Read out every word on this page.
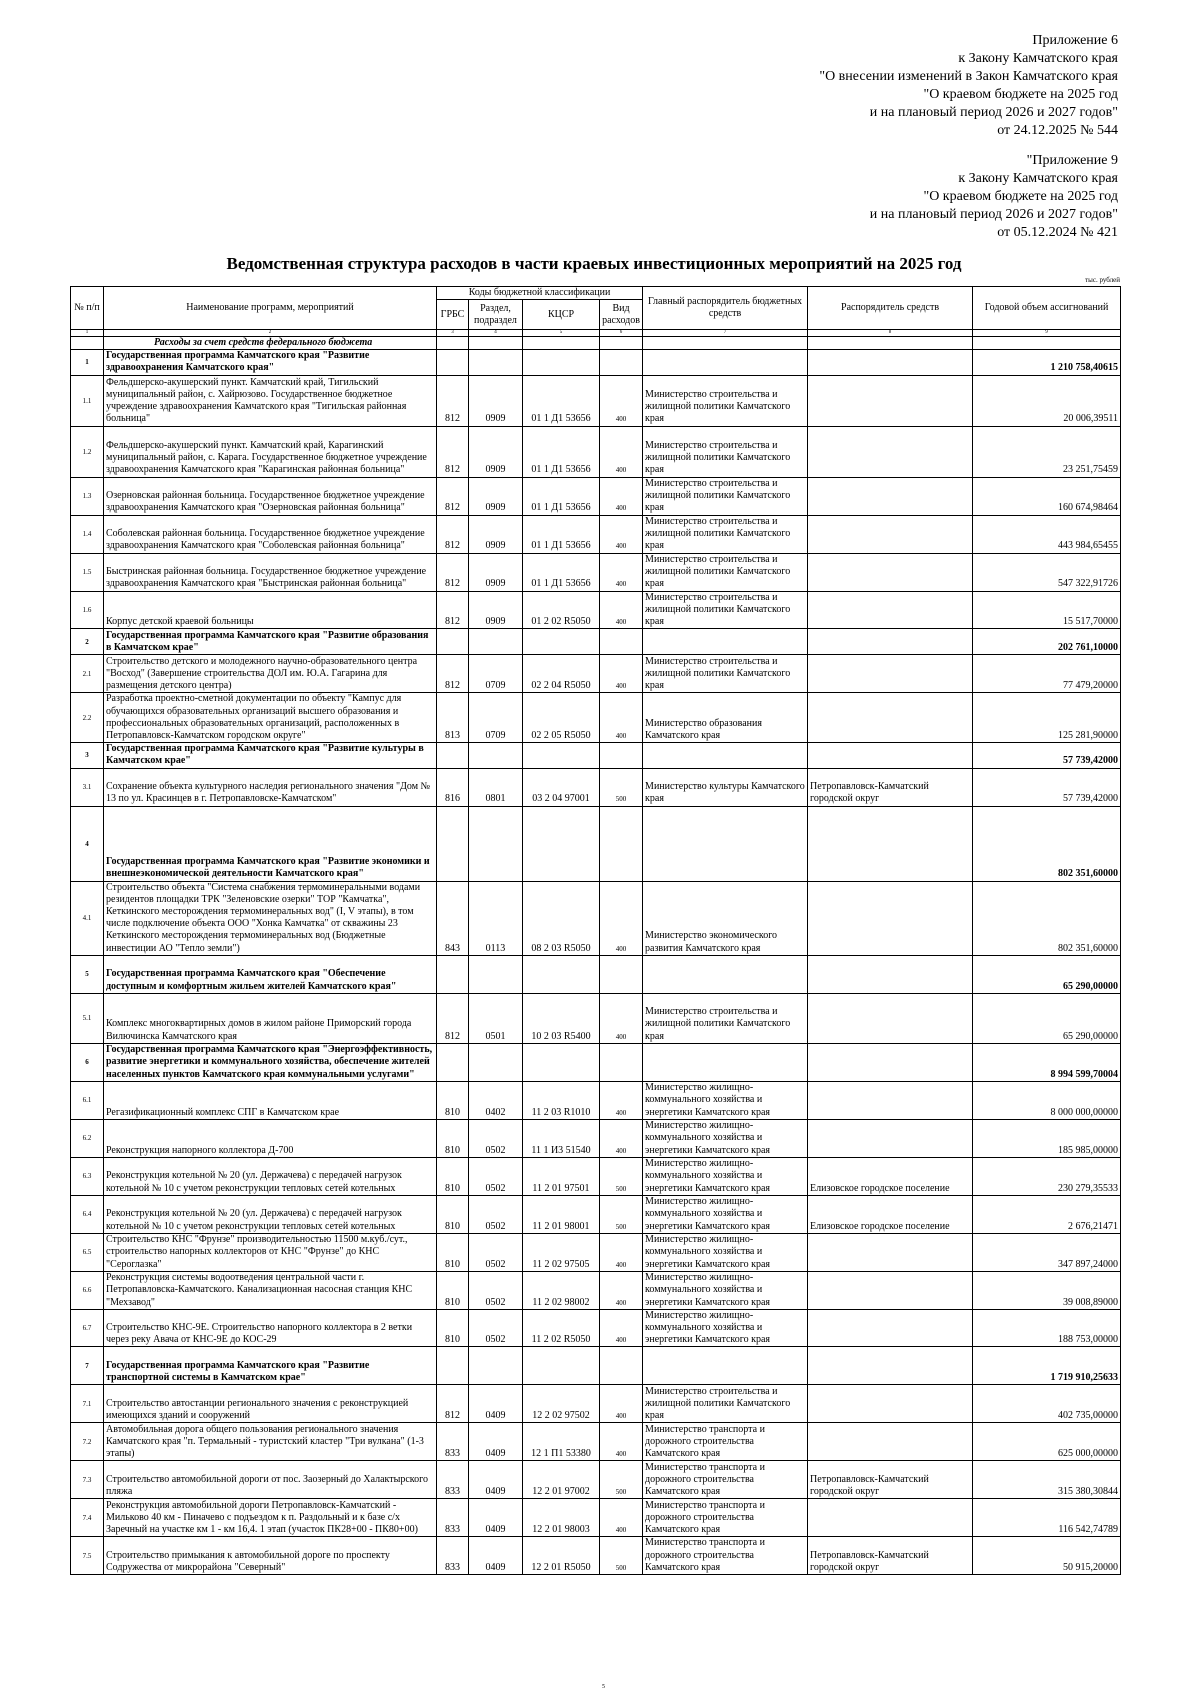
Приложение 6
к Закону Камчатского края
"О внесении изменений в Закон Камчатского края
"О краевом бюджете на 2025 год
и на плановый период 2026 и 2027 годов"
от 24.12.2025 № 544
"Приложение 9
к Закону Камчатского края
"О краевом бюджете на 2025 год
и на плановый период 2026 и 2027 годов"
от 05.12.2024 № 421
Ведомственная структура расходов в части краевых инвестиционных мероприятий на 2025 год
тыс. рублей
№ п/п	Наименование программ, мероприятий	Коды бюджетной классификации				Главный распорядитель бюджетных средств	Распорядитель средств	Годовой объем ассигнований
		ГРБС	Раздел, подраздел	КЦСР	Вид расходов			
1	2	3	4	5	6	7	8	9
	Расходы за счет средств федерального бюджета							
1	Государственная программа Камчатского края "Развитие здравоохранения Камчатского края"							1 210 758,40615
1.1	Фельдшерско-акушерский пункт. Камчатский край, Тигильский муниципальный район, с. Хайрюзово. Государственное бюджетное учреждение здравоохранения Камчатского края "Тигильская районная больница"	812	0909	01 1 Д1 53656	400	Министерство строительства и жилищной политики Камчатского края		20 006,39511
1.2	Фельдшерско-акушерский пункт. Камчатский край, Карагинский муниципальный район, с. Карага. Государственное бюджетное учреждение здравоохранения Камчатского края "Карагинская районная больница"	812	0909	01 1 Д1 53656	400	Министерство строительства и жилищной политики Камчатского края		23 251,75459
1.3	Озерновская районная больница. Государственное бюджетное учреждение здравоохранения Камчатского края "Озерновская районная больница"	812	0909	01 1 Д1 53656	400	Министерство строительства и жилищной политики Камчатского края		160 674,98464
1.4	Соболевская районная больница. Государственное бюджетное учреждение здравоохранения Камчатского края "Соболевская районная больница"	812	0909	01 1 Д1 53656	400	Министерство строительства и жилищной политики Камчатского края		443 984,65455
1.5	Быстринская районная больница. Государственное бюджетное учреждение здравоохранения Камчатского края "Быстринская районная больница"	812	0909	01 1 Д1 53656	400	Министерство строительства и жилищной политики Камчатского края		547 322,91726
1.6	Корпус детской краевой больницы	812	0909	01 2 02 R5050	400	Министерство строительства и жилищной политики Камчатского края		15 517,70000
2	Государственная программа Камчатского края "Развитие образования в Камчатском крае"							202 761,10000
2.1	Строительство детского и молодежного научно-образовательного центра "Восход" (Завершение строительства ДОЛ им. Ю.А. Гагарина для размещения детского центра)	812	0709	02 2 04 R5050	400	Министерство строительства и жилищной политики Камчатского края		77 479,20000
2.2	Разработка проектно-сметной документации по объекту "Кампус для обучающихся образовательных организаций высшего образования и профессиональных образовательных организаций, расположенных в Петропавловск-Камчатском городском округе"	813	0709	02 2 05 R5050	400	Министерство образования Камчатского края		125 281,90000
3	Государственная программа Камчатского края "Развитие культуры в Камчатском крае"							57 739,42000
3.1	Сохранение объекта культурного наследия регионального значения "Дом № 13 по ул. Красинцев в г. Петропавловске-Камчатском"	816	0801	03 2 04 97001	500	Министерство культуры Камчатского края	Петропавловск-Камчатский городской округ	57 739,42000
4	Государственная программа Камчатского края "Развитие экономики и внешнеэкономической деятельности Камчатского края"							802 351,60000
4.1	Строительство объекта "Система снабжения термоминеральными водами резидентов площадки ТРК "Зеленовские озерки" ТОР "Камчатка", Кеткинского месторождения термоминеральных вод" (I, V этапы), в том числе подключение объекта ООО "Хонка Камчатка" от скважины 23 Кеткинского месторождения термоминеральных вод (Бюджетные инвестиции АО "Тепло земли")	843	0113	08 2 03 R5050	400	Министерство экономического развития Камчатского края		802 351,60000
5	Государственная программа Камчатского края "Обеспечение доступным и комфортным жильем жителей Камчатского края"							65 290,00000
5.1	Комплекс многоквартирных домов в жилом районе Приморский города Вилючинска Камчатского края	812	0501	10 2 03 R5400	400	Министерство строительства и жилищной политики Камчатского края		65 290,00000
6	Государственная программа Камчатского края "Энергоэффективность, развитие энергетики и коммунального хозяйства, обеспечение жителей населенных пунктов Камчатского края коммунальными услугами"							8 994 599,70004
6.1	Регазификационный комплекс СПГ в Камчатском крае	810	0402	11 2 03 R1010	400	Министерство жилищно-коммунального хозяйства и энергетики Камчатского края		8 000 000,00000
6.2	Реконструкция напорного коллектора Д-700	810	0502	11 1 И3 51540	400	Министерство жилищно-коммунального хозяйства и энергетики Камчатского края		185 985,00000
6.3	Реконструкция котельной № 20 (ул. Держачева) с передачей нагрузок котельной № 10 с учетом реконструкции тепловых сетей котельных	810	0502	11 2 01 97501	500	Министерство жилищно-коммунального хозяйства и энергетики Камчатского края	Елизовское городское поселение	230 279,35533
6.4	Реконструкция котельной № 20 (ул. Держачева) с передачей нагрузок котельной № 10 с учетом реконструкции тепловых сетей котельных	810	0502	11 2 01 98001	500	Министерство жилищно-коммунального хозяйства и энергетики Камчатского края	Елизовское городское поселение	2 676,21471
6.5	Строительство КНС "Фрунзе" производительностью 11500 м.куб./сут., строительство напорных коллекторов от КНС "Фрунзе" до КНС "Сероглазка"	810	0502	11 2 02 97505	400	Министерство жилищно-коммунального хозяйства и энергетики Камчатского края		347 897,24000
6.6	Реконструкция системы водоотведения центральной части г. Петропавловска-Камчатского. Канализационная насосная станция КНС "Мехзавод"	810	0502	11 2 02 98002	400	Министерство жилищно-коммунального хозяйства и энергетики Камчатского края		39 008,89000
6.7	Строительство КНС-9Е. Строительство напорного коллектора в 2 ветки через реку Авача от КНС-9Е до КОС-29	810	0502	11 2 02 R5050	400	Министерство жилищно-коммунального хозяйства и энергетики Камчатского края		188 753,00000
7	Государственная программа Камчатского края "Развитие транспортной системы в Камчатском крае"							1 719 910,25633
7.1	Строительство автостанции регионального значения с реконструкцией имеющихся зданий и сооружений	812	0409	12 2 02 97502	400	Министерство строительства и жилищной политики Камчатского края		402 735,00000
7.2	Автомобильная дорога общего пользования регионального значения Камчатского края "п. Термальный - туристский кластер "Три вулкана" (1-3 этапы)	833	0409	12 1 П1 53380	400	Министерство транспорта и дорожного строительства Камчатского края		625 000,00000
7.3	Строительство автомобильной дороги от пос. Заозерный до Халактырского пляжа	833	0409	12 2 01 97002	500	Министерство транспорта и дорожного строительства Камчатского края	Петропавловск-Камчатский городской округ	315 380,30844
7.4	Реконструкция автомобильной дороги Петропавловск-Камчатский - Мильково 40 км - Пиначево с подъездом к п. Раздольный и к базе с/х Заречный на участке км 1 - км 16,4. 1 этап (участок ПК28+00 - ПК80+00)	833	0409	12 2 01 98003	400	Министерство транспорта и дорожного строительства Камчатского края		116 542,74789
7.5	Строительство примыкания к автомобильной дороге по проспекту Содружества от микрорайона "Северный"	833	0409	12 2 01 R5050	500	Министерство транспорта и дорожного строительства Камчатского края	Петропавловск-Камчатский городской округ	50 915,20000
5
